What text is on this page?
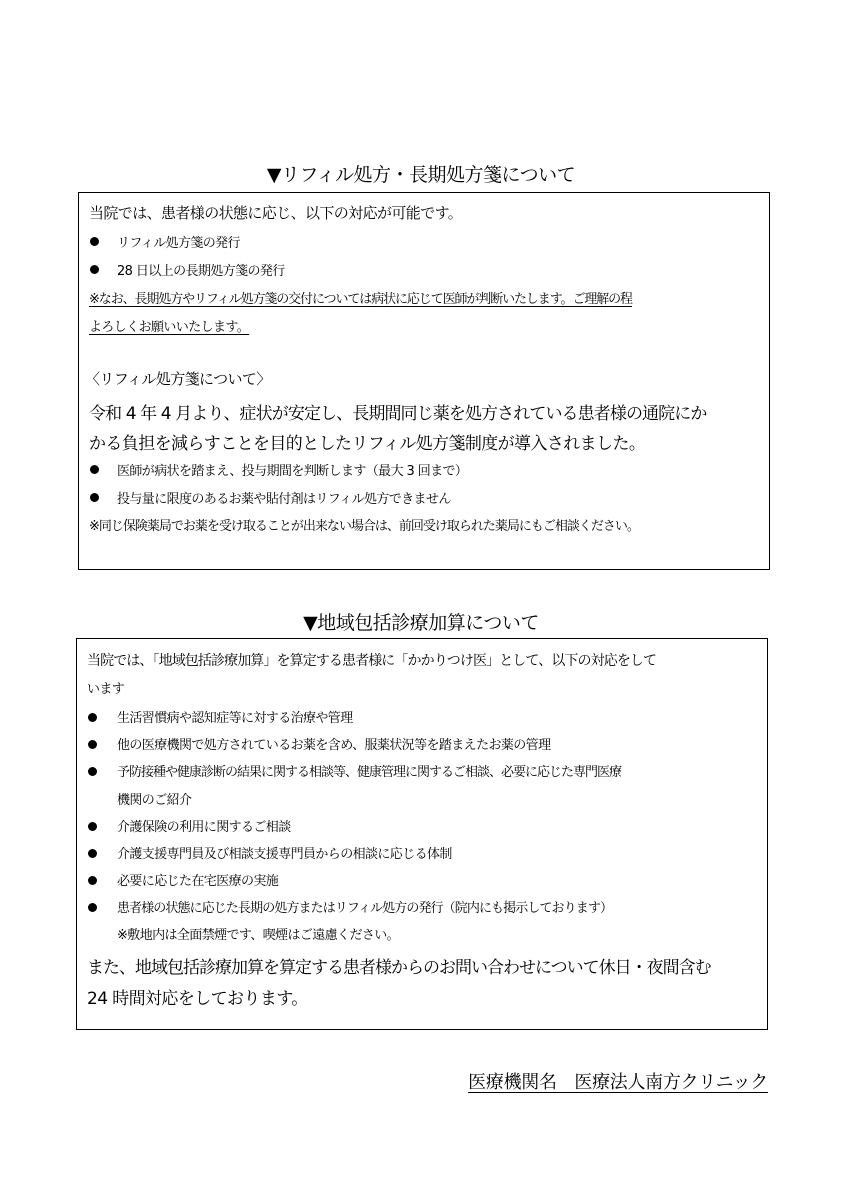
▼リフィル処方・長期処方箋について
当院では、患者様の状態に応じ、以下の対応が可能です。
リフィル処方箋の発行
28 日以上の長期処方箋の発行
※なお、長期処方やリフィル処方箋の交付については病状に応じて医師が判断いたします。ご理解の程
よろしくお願いいたします。
〈リフィル処方箋について〉
令和 4 年 4 月より、症状が安定し、長期間同じ薬を処方されている患者様の通院にか
かる負担を減らすことを目的としたリフィル処方箋制度が導入されました。
医師が病状を踏まえ、投与期間を判断します（最大 3 回まで）
投与量に限度のあるお薬や貼付剤はリフィル処方できません
※同じ保険薬局でお薬を受け取ることが出来ない場合は、前回受け取られた薬局にもご相談ください。
▼地域包括診療加算について
当院では、「地域包括診療加算」を算定する患者様に「かかりつけ医」として、以下の対応をして
います
生活習慣病や認知症等に対する治療や管理
他の医療機関で処方されているお薬を含め、服薬状況等を踏まえたお薬の管理
予防接種や健康診断の結果に関する相談等、健康管理に関するご相談、必要に応じた専門医療
機関のご紹介
介護保険の利用に関するご相談
介護支援専門員及び相談支援専門員からの相談に応じる体制
必要に応じた在宅医療の実施
患者様の状態に応じた長期の処方またはリフィル処方の発行（院内にも掲示しております）
※敷地内は全面禁煙です、喫煙はご遠慮ください。
また、地域包括診療加算を算定する患者様からのお問い合わせについて休日・夜間含む
24 時間対応をしております。
医療機関名　医療法人南方クリニック
